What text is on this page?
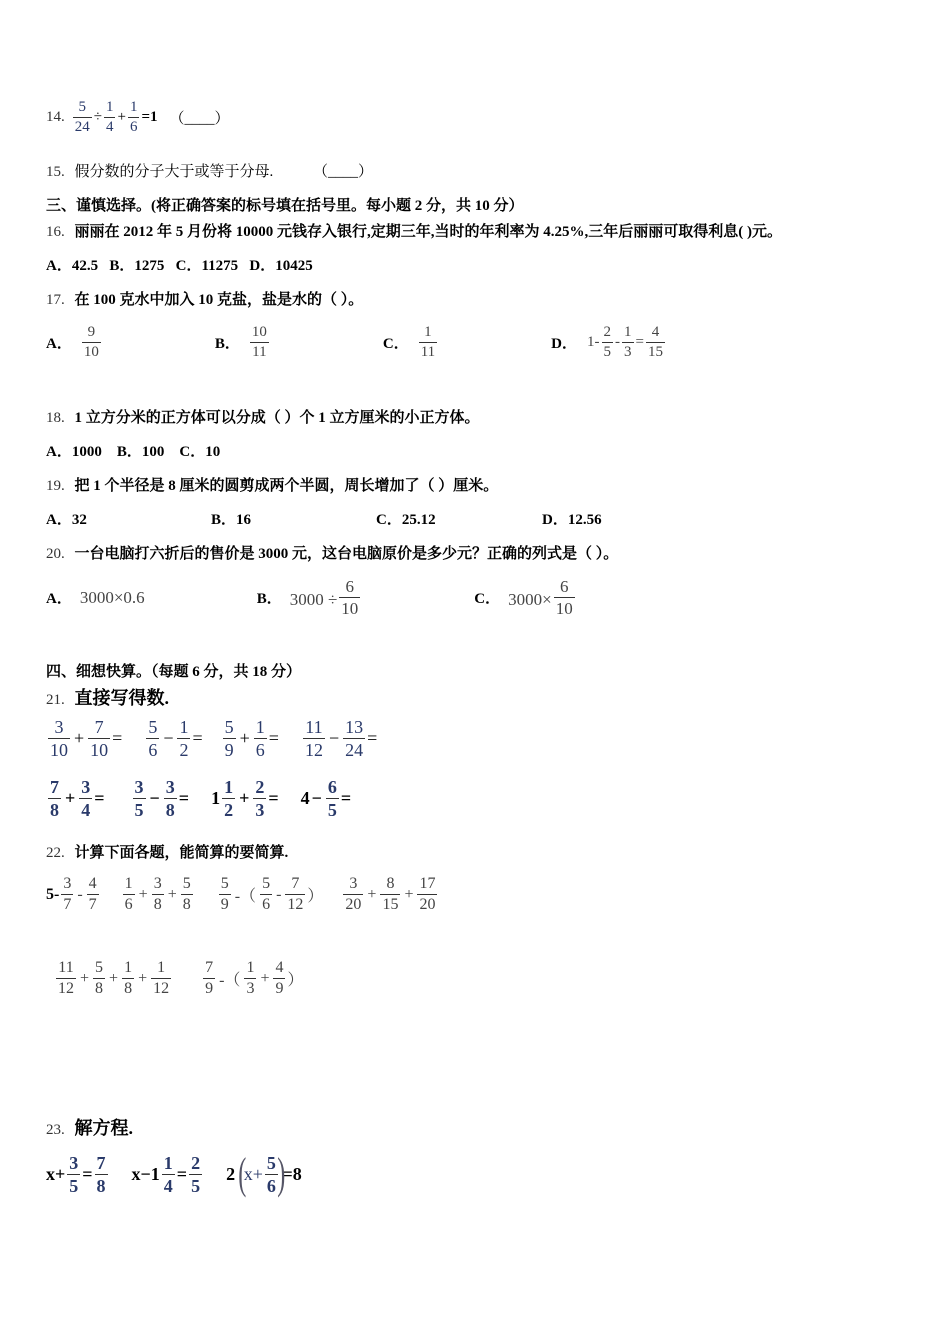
14. $\frac{5}{24} \div \frac{1}{4} + \frac{1}{6} =1$ （____）
15. 假分数的分子大于或等于分母.	（____）
三、谨慎选择。(将正确答案的标号填在括号里。每小题 2 分，共 10 分）
16. 丽丽在 2012 年 5 月份将 10000 元钱存入银行,定期三年,当时的年利率为 4.25%,三年后丽丽可取得利息( )元。
A．42.5 B．1275 C．11275 D．10425
17. 在 100 克水中加入 10 克盐，盐是水的（ ）。
A． $\frac{9}{10}$	B． $\frac{10}{11}$	C． $\frac{1}{11}$	D． $1- \frac{2}{5} - \frac{1}{3} = \frac{4}{15}$
18. 1 立方分米的正方体可以分成（ ）个 1 立方厘米的小正方体。
A．1000 B．100 C．10
19. 把 1 个半径是 8 厘米的圆剪成两个半圆，周长增加了（ ）厘米。
A．32	B．16	C．25.12	D．12.56
20. 一台电脑打六折后的售价是 3000 元，这台电脑原价是多少元？正确的列式是（ ）。
A． 3000×0.6	B． $3000 \div \frac{6}{10}$	C． $3000\times \frac{6}{10}$
四、细想快算。（每题 6 分，共 18 分）
21. 直接写得数.
$\frac{3}{10} + \frac{7}{10} = \frac{5}{6} - \frac{1}{2} = \frac{5}{9} + \frac{1}{6} = \frac{11}{12} - \frac{13}{24}$ =
$\frac{7}{8} + \frac{3}{4} = \frac{3}{5} - \frac{3}{8} = 1 \frac{1}{2} + \frac{2}{3} = 4 - \frac{6}{5}$ =
22. 计算下面各题，能简算的要简算.
$5- \frac{3}{7} - \frac{4}{7} \frac{1}{6} + \frac{3}{8} + \frac{5}{8} \frac{5}{9}$ -（ $\frac{5}{6} - \frac{7}{12}$ ） $\frac{3}{20} + \frac{8}{15} + \frac{17}{20}$
$\frac{11}{12} + \frac{5}{8} + \frac{1}{8} + \frac{1}{12} \frac{7}{9}$ -（ $\frac{1}{3} + \frac{4}{9}$ ）
23. 解方程.
$x+ \frac{3}{5} = \frac{7}{8} x-1 \frac{1}{4} = \frac{2}{5} 2$ (
$x+ \frac{5}{6}$ )
=8
